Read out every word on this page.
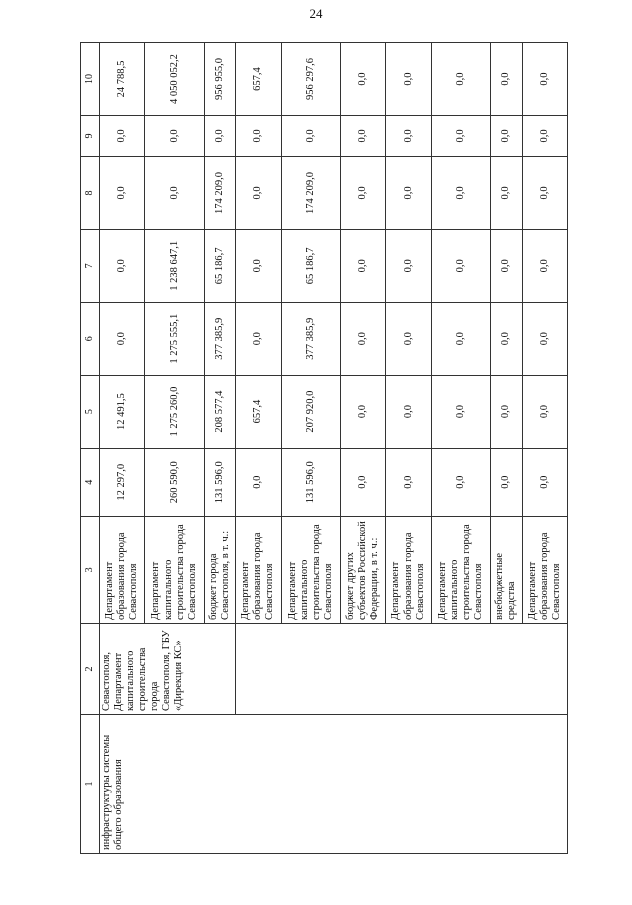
24
1	2	3	4	5	6	7	8	9	10
инфраструктуры системы общего образования	Севастополя, Департамент капитального строительства города Севастополя, ГБУ «Дирекция КС»	Департамент образования города Севастополя	12 297,0	12 491,5	0,0	0,0	0,0	0,0	24 788,5
		Департамент капитального строительства города Севастополя	260 590,0	1 275 260,0	1 275 555,1	1 238 647,1	0,0	0,0	4 050 052,2
		бюджет города Севастополя, в т. ч.:	131 596,0	208 577,4	377 385,9	65 186,7	174 209,0	0,0	956 955,0
		Департамент образования города Севастополя	0,0	657,4	0,0	0,0	0,0	0,0	657,4
		Департамент капитального строительства города Севастополя	131 596,0	207 920,0	377 385,9	65 186,7	174 209,0	0,0	956 297,6
		бюджет других субъектов Российской Федерации, в т. ч.:	0,0	0,0	0,0	0,0	0,0	0,0	0,0
		Департамент образования города Севастополя	0,0	0,0	0,0	0,0	0,0	0,0	0,0
		Департамент капитального строительства города Севастополя	0,0	0,0	0,0	0,0	0,0	0,0	0,0
		внебюджетные средства	0,0	0,0	0,0	0,0	0,0	0,0	0,0
		Департамент образования города Севастополя	0,0	0,0	0,0	0,0	0,0	0,0	0,0
